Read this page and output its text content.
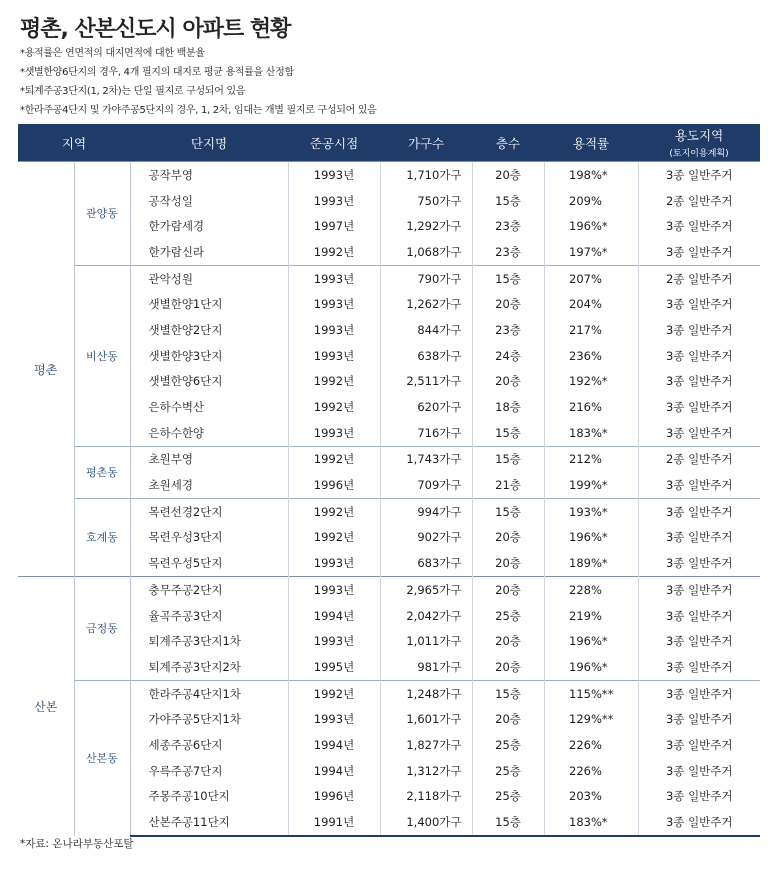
평촌, 산본신도시 아파트 현황
*용적률은 연면적의 대지면적에 대한 백분율
*샛별한양6단지의 경우, 4개 필지의 대지로 평균 용적률을 산정함
*퇴계주공3단지(1, 2차)는 단일 필지로 구성되어 있음
*한라주공4단지 및 가야주공5단지의 경우, 1, 2차, 임대는 개별 필지로 구성되어 있음
지역		단지명	준공시점	가구수	층수	용적률	용도지역
(토지이용계획)

평촌	관양동	공작부영	1993년	1,710가구	20층	198%*	3종 일반주거
		공작성일	1993년	750가구	15층	209%	2종 일반주거
		한가람세경	1997년	1,292가구	23층	196%*	3종 일반주거
		한가람신라	1992년	1,068가구	23층	197%*	3종 일반주거
	비산동	관악성원	1993년	790가구	15층	207%	2종 일반주거
		샛별한양1단지	1993년	1,262가구	20층	204%	3종 일반주거
		샛별한양2단지	1993년	844가구	23층	217%	3종 일반주거
		샛별한양3단지	1993년	638가구	24층	236%	3종 일반주거
		샛별한양6단지	1992년	2,511가구	20층	192%*	3종 일반주거
		은하수벽산	1992년	620가구	18층	216%	3종 일반주거
		은하수한양	1993년	716가구	15층	183%*	3종 일반주거
	평촌동	초원부영	1992년	1,743가구	15층	212%	2종 일반주거
		초원세경	1996년	709가구	21층	199%*	3종 일반주거
	호계동	목련선경2단지	1992년	994가구	15층	193%*	3종 일반주거
		목련우성3단지	1992년	902가구	20층	196%*	3종 일반주거
		목련우성5단지	1993년	683가구	20층	189%*	3종 일반주거
산본	금정동	충무주공2단지	1993년	2,965가구	20층	228%	3종 일반주거
		율곡주공3단지	1994년	2,042가구	25층	219%	3종 일반주거
		퇴계주공3단지1차	1993년	1,011가구	20층	196%*	3종 일반주거
		퇴계주공3단지2차	1995년	981가구	20층	196%*	3종 일반주거
	산본동	한라주공4단지1차	1992년	1,248가구	15층	115%**	3종 일반주거
		가야주공5단지1차	1993년	1,601가구	20층	129%**	3종 일반주거
		세종주공6단지	1994년	1,827가구	25층	226%	3종 일반주거
		우륵주공7단지	1994년	1,312가구	25층	226%	3종 일반주거
		주몽주공10단지	1996년	2,118가구	25층	203%	3종 일반주거
		산본주공11단지	1991년	1,400가구	15층	183%*	3종 일반주거
*자료: 온나라부동산포탈
